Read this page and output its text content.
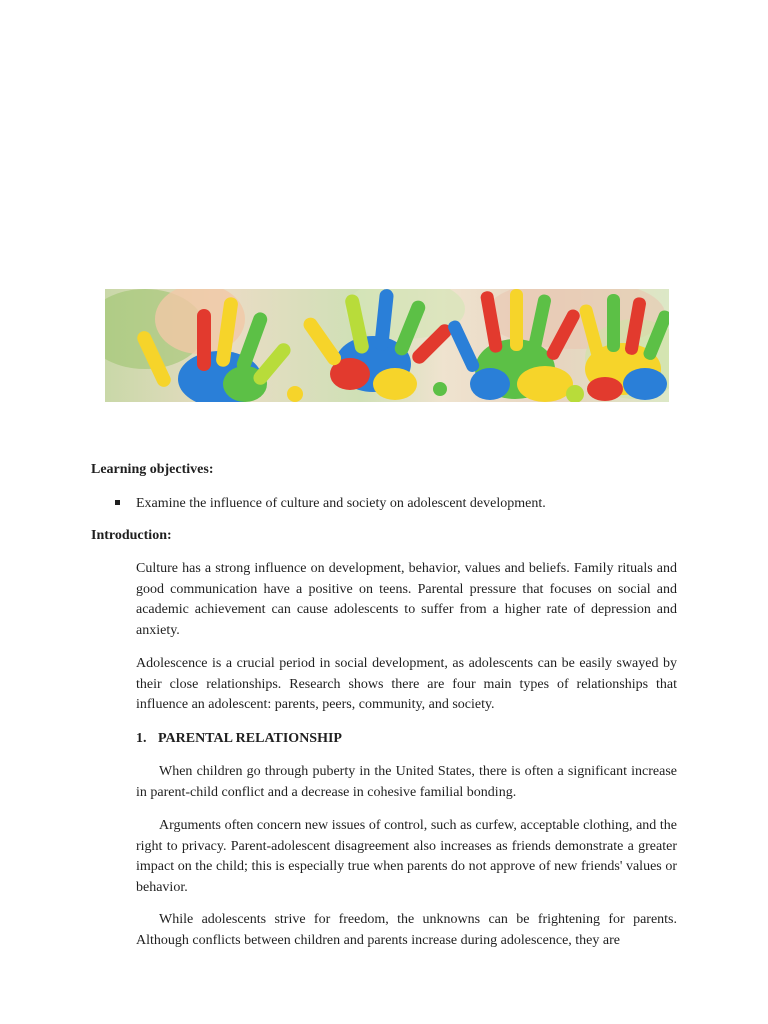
Learning objectives:
Examine the influence of culture and society on adolescent development.
Introduction:

Culture has a strong influence on development, behavior, values and beliefs. Family rituals and good communication have a positive on teens. Parental pressure that focuses on social and academic achievement can cause adolescents to suffer from a higher rate of depression and anxiety.

Adolescence is a crucial period in social development, as adolescents can be easily swayed by their close relationships. Research shows there are four main types of relationships that influence an adolescent: parents, peers, community, and society.

1. PARENTAL RELATIONSHIP

When children go through puberty in the United States, there is often a significant increase in parent-child conflict and a decrease in cohesive familial bonding.

Arguments often concern new issues of control, such as curfew, acceptable clothing, and the right to privacy. Parent-adolescent disagreement also increases as friends demonstrate a greater impact on the child; this is especially true when parents do not approve of new friends' values or behavior.

While adolescents strive for freedom, the unknowns can be frightening for parents. Although conflicts between children and parents increase during adolescence, they are
